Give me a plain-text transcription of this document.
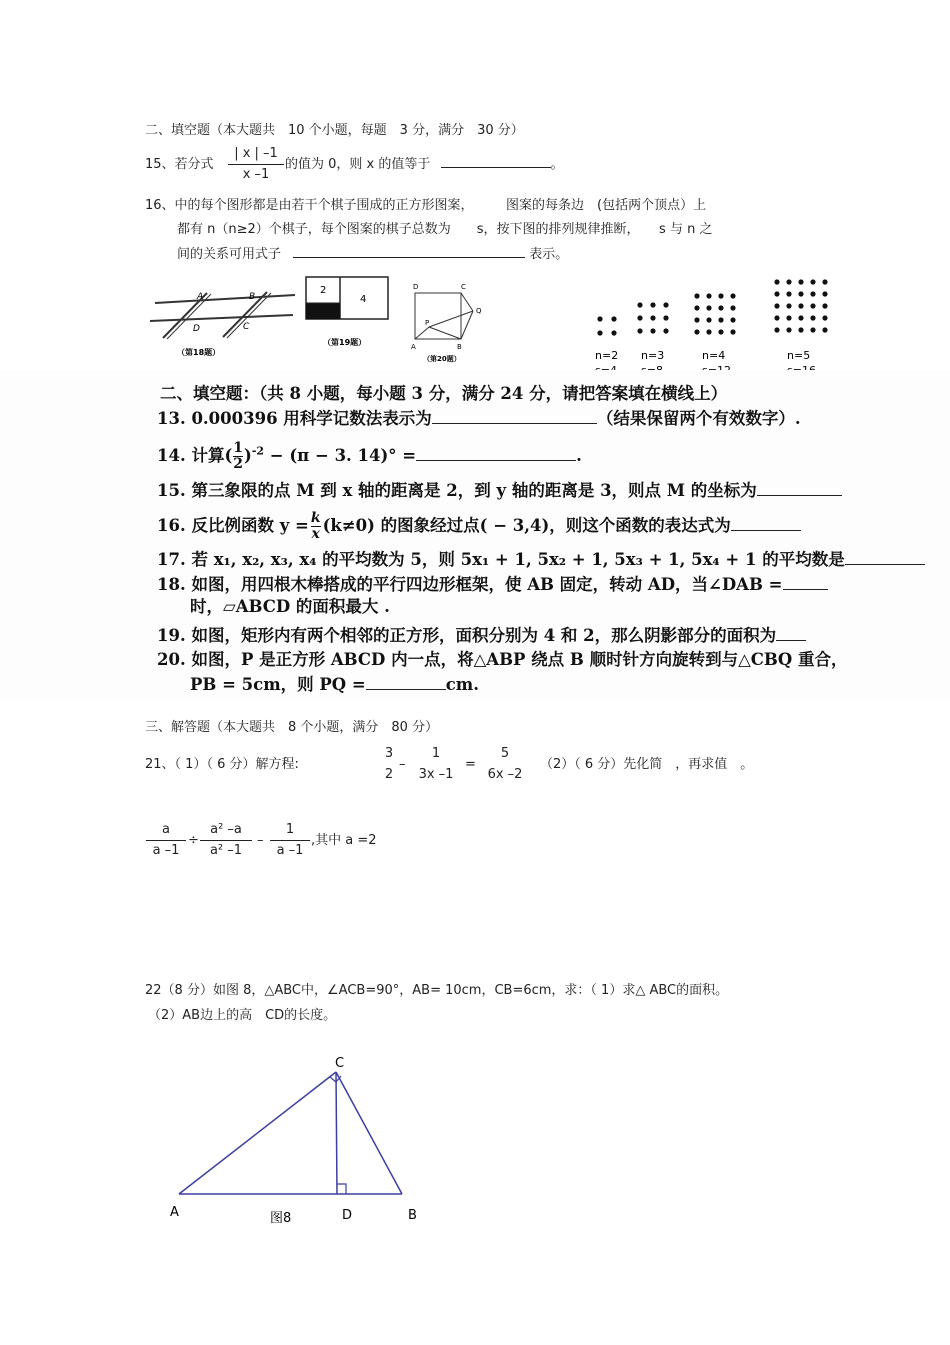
二、填空题（本大题共　10 个小题，每题　3 分，满分　30 分）
15、若分式
| x | –1
x –1
的值为 0，则 x 的值等于	。
16、中的每个图形都是由若干个棋子围成的正方形图案，　　　图案的每条边　(包括两个顶点）上
都有 n（n≥2）个棋子，每个图案的棋子总数为　　s，按下图的排列规律推断，　　s 与 n 之
间的关系可用式子	表示。
A	B
D	C
（第18题）
2
4
（第19题）
D	C
Q
P
A	B
（第20题）	n=2 n=3	n=4	n=5
二、填空题：（共 8 小题，每小题 3 分，满分 24 分，请把答案填在横线上）
13. 0.000396 用科学记数法表示为	（结果保留两个有效数字）.
14. 计算( $\frac{1}{2} )^{-2} - (\pi - 3$. 14)° =	.
15. 第三象限的点 M 到 x 轴的距离是 2，到 y 轴的距离是 3，则点 M 的坐标为
16. 反比例函数 $y = \frac{k}{x} (k\ne 0)$ 的图象经过点( − 3,4)，则这个函数的表达式为
17. 若 x₁, x₂, x₃, x₄ 的平均数为 5，则 5x₁ + 1, 5x₂ + 1, 5x₃ + 1, 5x₄ + 1 的平均数是
18. 如图，用四根木棒搭成的平行四边形框架，使 AB 固定，转动 AD，当∠DAB =
时，▱ABCD 的面积最大 .
19. 如图，矩形内有两个相邻的正方形，面积分别为 4 和 2，那么阴影部分的面积为
20. 如图，P 是正方形 ABCD 内一点，将△ABP 绕点 B 顺时针方向旋转到与△CBQ 重合，
PB = 5cm，则 PQ =	cm.
三、解答题（本大题共　8 个小题，满分　80 分）
21、（ 1）（ 6 分）解方程:
3
2
–
1
3x –1
=
5
6x –2
（2）（ 6 分）先化简　，再求值　。
a
a –1
÷
a² –a
a² –1
–
1
a –1
,其中 a =2
22（8 分）如图 8，△ABC中，∠ACB=90°，AB= 10cm，CB=6cm，求：（ 1）求△ ABC的面积。
（2）AB边上的高　CD的长度。
C
A	D	B
图8
